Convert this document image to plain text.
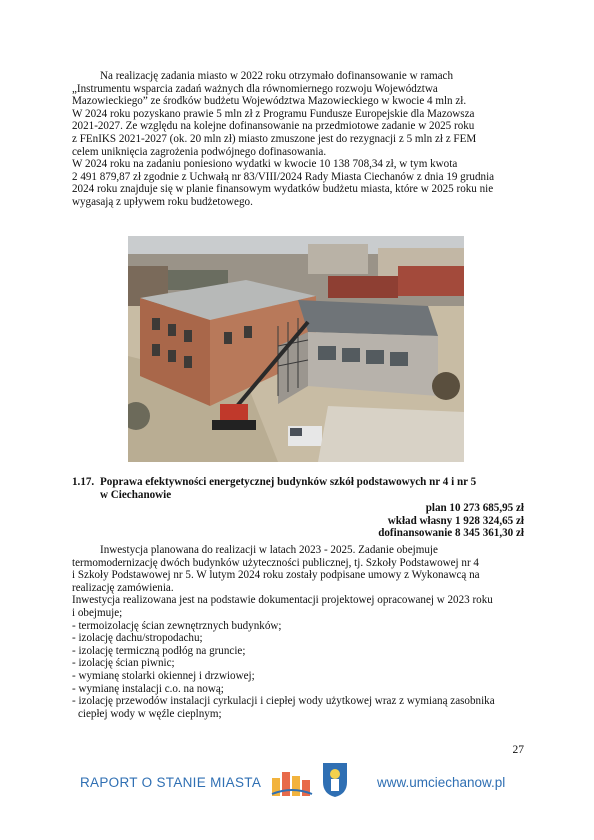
Na realizację zadania miasto w 2022 roku otrzymało dofinansowanie w ramach
„Instrumentu wsparcia zadań ważnych dla równomiernego rozwoju Województwa
Mazowieckiego” ze środków budżetu Województwa Mazowieckiego w kwocie 4 mln zł.
W 2024 roku pozyskano prawie 5 mln zł z Programu Fundusze Europejskie dla Mazowsza
2021-2027. Ze względu na kolejne dofinansowanie na przedmiotowe zadanie w 2025 roku
z FEnIKS 2021-2027 (ok. 20 mln zł) miasto zmuszone jest do rezygnacji z 5 mln zł z FEM
celem uniknięcia zagrożenia podwójnego dofinasowania.
W 2024 roku na zadaniu poniesiono wydatki w kwocie 10 138 708,34 zł, w tym kwota
2 491 879,87 zł zgodnie z Uchwałą nr 83/VIII/2024 Rady Miasta Ciechanów z dnia 19 grudnia
2024 roku znajduje się w planie finansowym wydatków budżetu miasta, które w 2025 roku nie
wygasają z upływem roku budżetowego.
1.17. Poprawa efektywności energetycznej budynków szkół podstawowych nr 4 i nr 5
w Ciechanowie
plan 10 273 685,95 zł
wkład własny 1 928 324,65 zł
dofinansowanie 8 345 361,30 zł
Inwestycja planowana do realizacji w latach 2023 - 2025. Zadanie obejmuje
termomodernizację dwóch budynków użyteczności publicznej, tj. Szkoły Podstawowej nr 4
i Szkoły Podstawowej nr 5. W lutym 2024 roku zostały podpisane umowy z Wykonawcą na
realizację zamówienia.
Inwestycja realizowana jest na podstawie dokumentacji projektowej opracowanej w 2023 roku
i obejmuje;
- termoizolację ścian zewnętrznych budynków;
- izolację dachu/stropodachu;
- izolację termiczną podłóg na gruncie;
- izolację ścian piwnic;
- wymianę stolarki okiennej i drzwiowej;
- wymianę instalacji c.o. na nową;
- izolację przewodów instalacji cyrkulacji i ciepłej wody użytkowej wraz z wymianą zasobnika
ciepłej wody w węźle cieplnym;
27
RAPORT O STANIE MIASTA	www.umciechanow.pl
